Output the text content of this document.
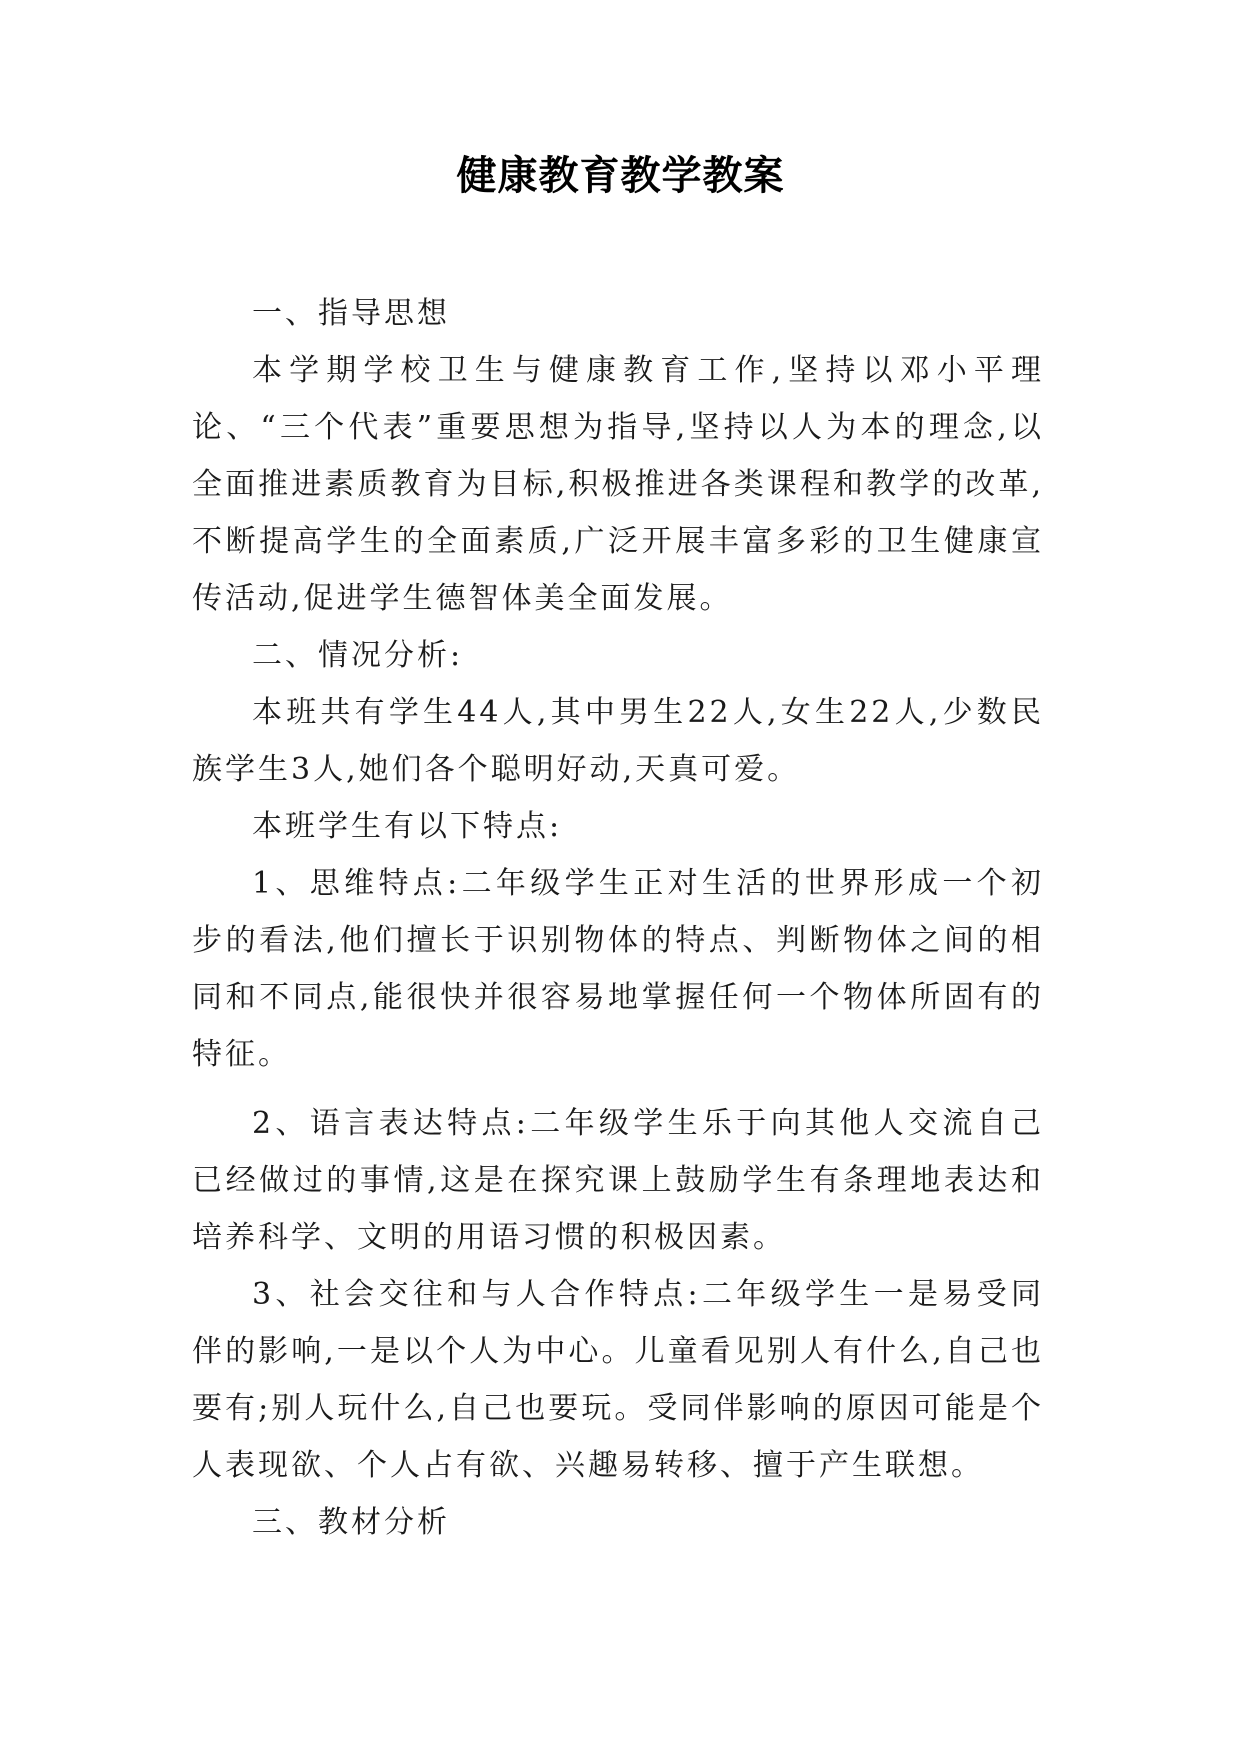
健康教育教学教案

一、指导思想

本学期学校卫生与健康教育工作,坚持以邓小平理论、“三个代表”重要思想为指导,坚持以人为本的理念,以全面推进素质教育为目标,积极推进各类课程和教学的改革,不断提高学生的全面素质,广泛开展丰富多彩的卫生健康宣传活动,促进学生德智体美全面发展。

二、情况分析:

本班共有学生44人,其中男生22人,女生22人,少数民族学生3人,她们各个聪明好动,天真可爱。

本班学生有以下特点:

1、思维特点:二年级学生正对生活的世界形成一个初步的看法,他们擅长于识别物体的特点、判断物体之间的相同和不同点,能很快并很容易地掌握任何一个物体所固有的特征。

2、语言表达特点:二年级学生乐于向其他人交流自己已经做过的事情,这是在探究课上鼓励学生有条理地表达和培养科学、文明的用语习惯的积极因素。

3、社会交往和与人合作特点:二年级学生一是易受同伴的影响,一是以个人为中心。儿童看见别人有什么,自己也要有;别人玩什么,自己也要玩。受同伴影响的原因可能是个人表现欲、个人占有欲、兴趣易转移、擅于产生联想。

三、教材分析
